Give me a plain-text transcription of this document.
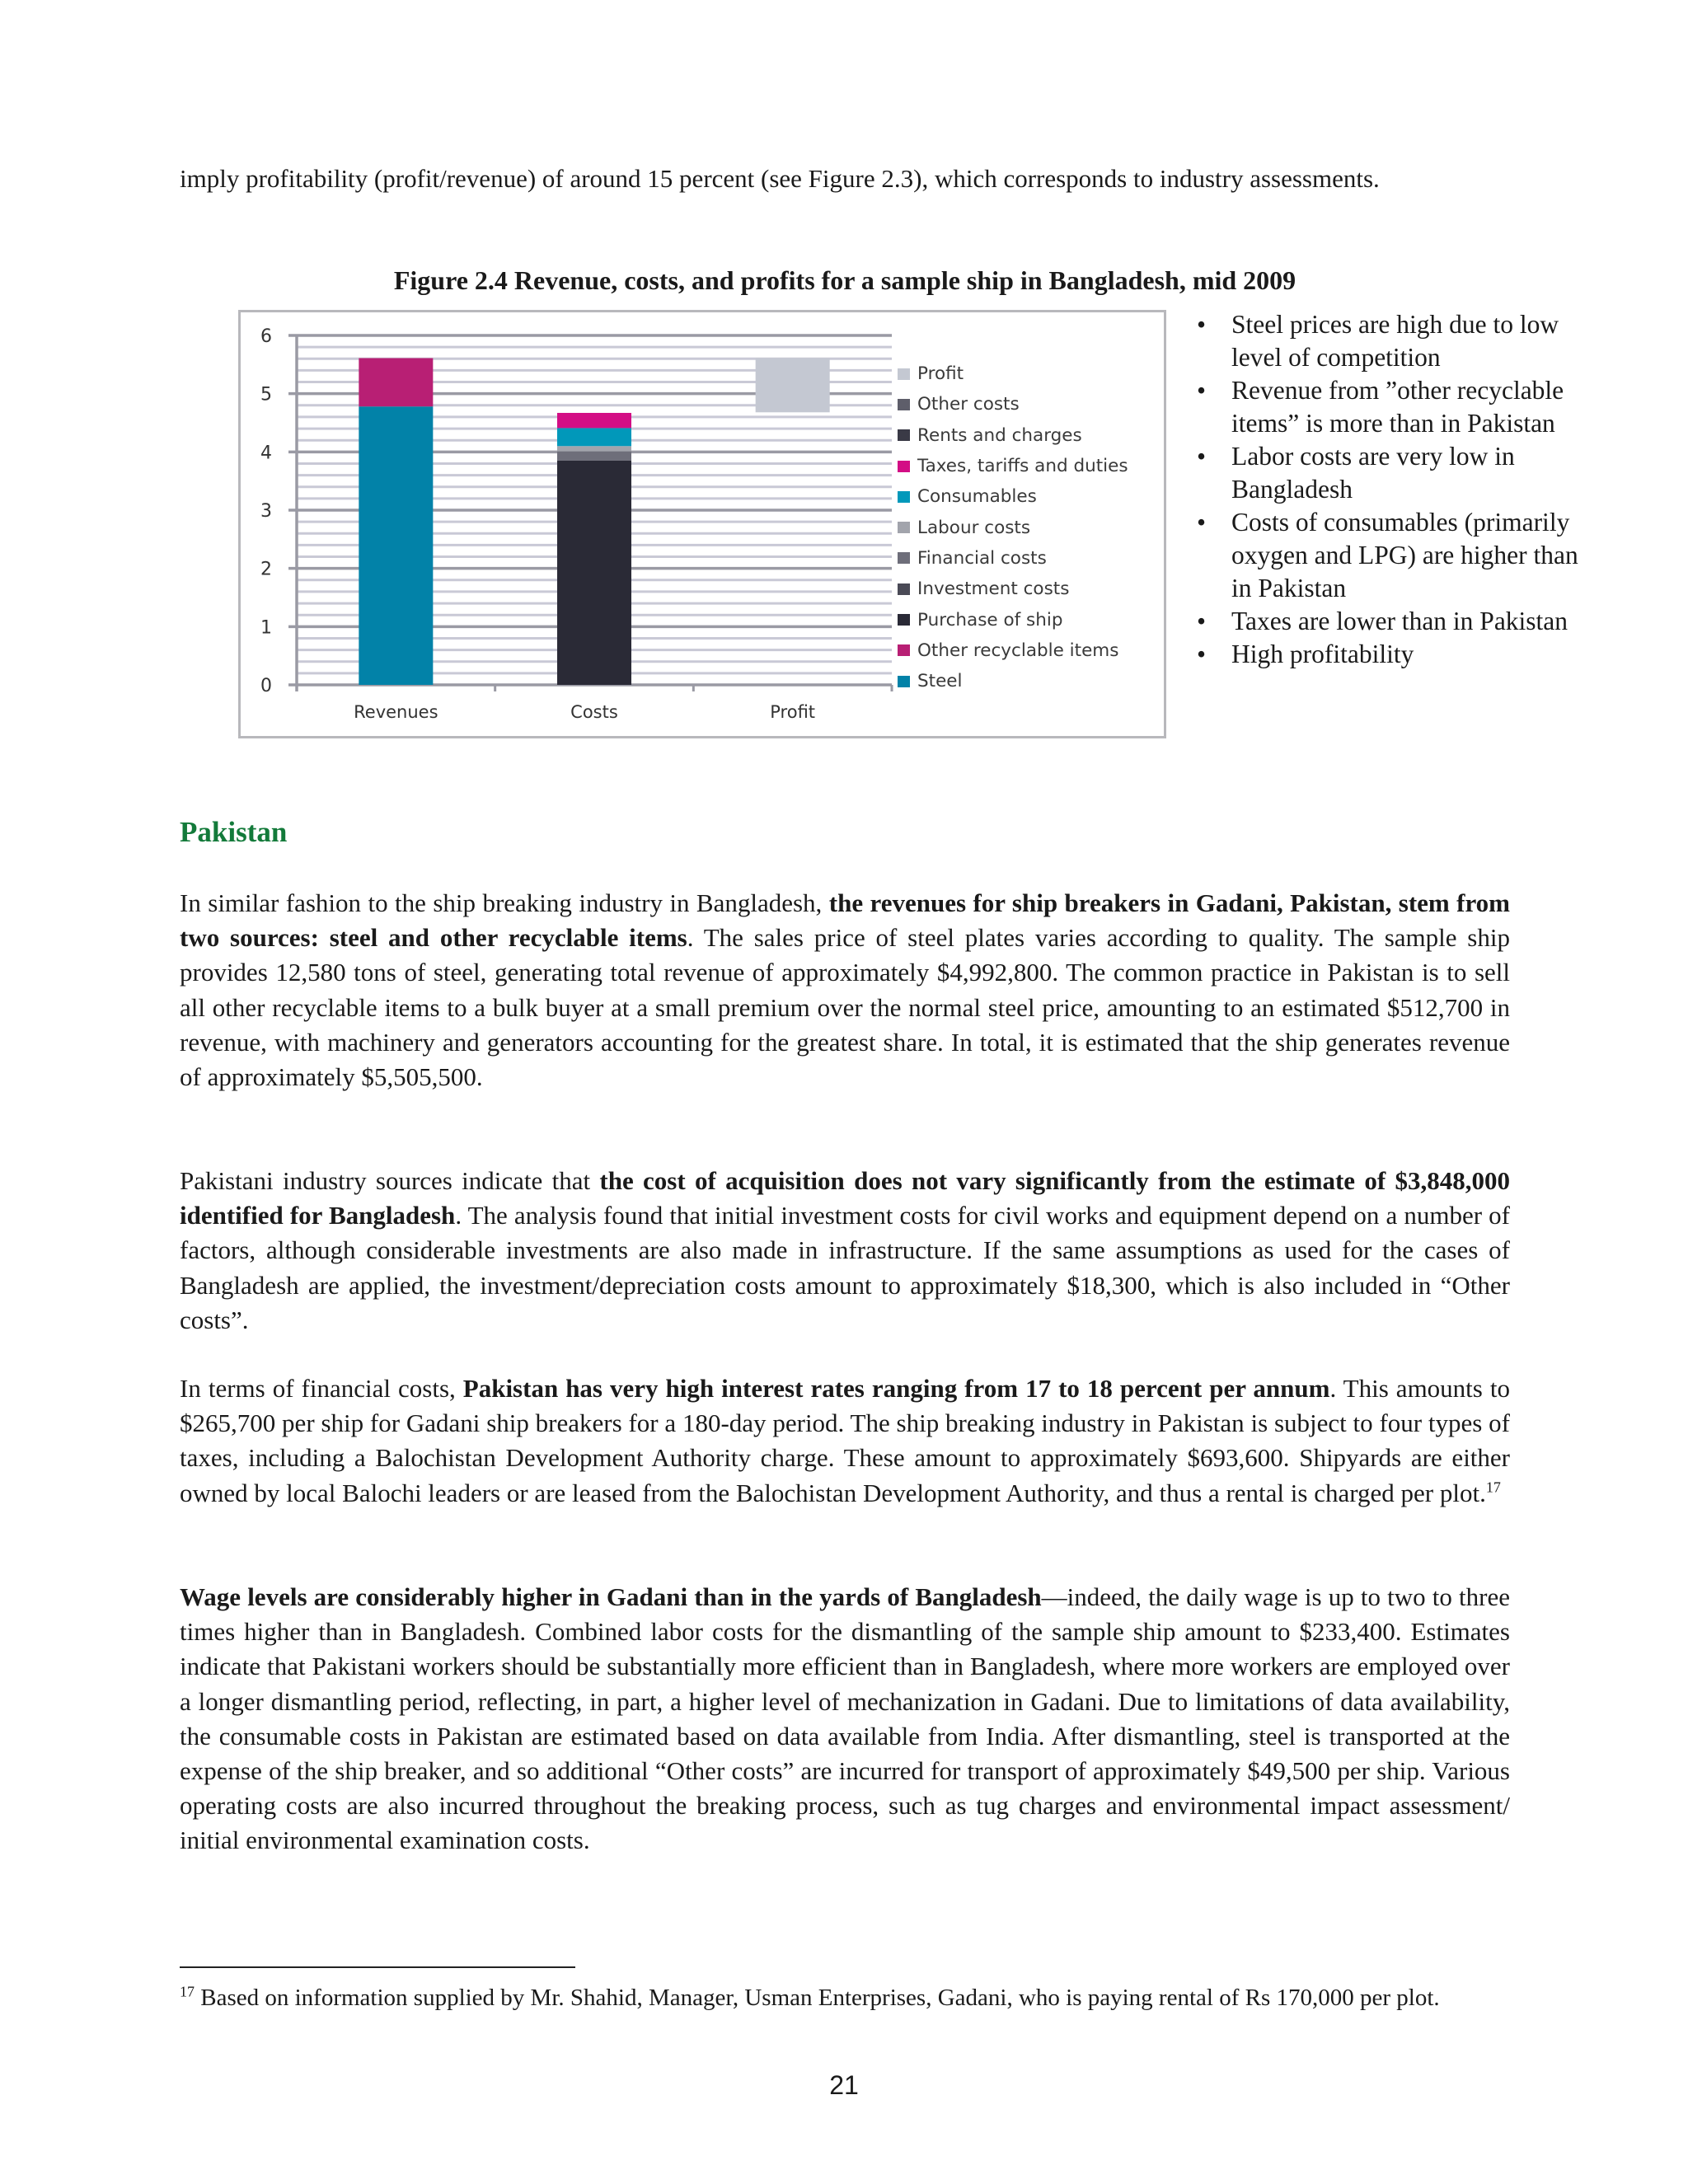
imply profitability (profit/revenue) of around 15 percent (see Figure 2.3), which corresponds to industry assessments.

Figure 2.4 Revenue, costs, and profits for a sample ship in Bangladesh, mid 2009
0
1
2
3
4
5
6
Revenues	Costs	Profit
Profit
Other costs
Rents and charges
Taxes, tariffs and duties
Consumables
Labour costs
Financial costs
Investment costs
Purchase of ship
Other recyclable items
Steel
• Steel prices are high due to low level of competition
• Revenue from ”other recyclable items” is more than in Pakistan
• Labor costs are very low in Bangladesh
• Costs of consumables (primarily oxygen and LPG) are higher than in Pakistan
• Taxes are lower than in Pakistan
• High profitability
Pakistan

In similar fashion to the ship breaking industry in Bangladesh, the revenues for ship breakers in Gadani, Pakistan, stem from two sources: steel and other recyclable items. The sales price of steel plates varies according to quality. The sample ship provides 12,580 tons of steel, generating total revenue of approximately $4,992,800. The common practice in Pakistan is to sell all other recyclable items to a bulk buyer at a small premium over the normal steel price, amounting to an estimated $512,700 in revenue, with machinery and generators accounting for the greatest share. In total, it is estimated that the ship generates revenue of approximately $5,505,500.

Pakistani industry sources indicate that the cost of acquisition does not vary significantly from the estimate of $3,848,000 identified for Bangladesh. The analysis found that initial investment costs for civil works and equipment depend on a number of factors, although considerable investments are also made in infrastructure. If the same assumptions as used for the cases of Bangladesh are applied, the investment/depreciation costs amount to approximately $18,300, which is also included in “Other costs”.

In terms of financial costs, Pakistan has very high interest rates ranging from 17 to 18 percent per annum. This amounts to $265,700 per ship for Gadani ship breakers for a 180-day period. The ship breaking industry in Pakistan is subject to four types of taxes, including a Balochistan Development Authority charge. These amount to approximately $693,600. Shipyards are either owned by local Balochi leaders or are leased from the Balochistan Development Authority, and thus a rental is charged per plot.$^{17}$

Wage levels are considerably higher in Gadani than in the yards of Bangladesh—indeed, the daily wage is up to two to three times higher than in Bangladesh. Combined labor costs for the dismantling of the sample ship amount to $233,400. Estimates indicate that Pakistani workers should be substantially more efficient than in Bangladesh, where more workers are employed over a longer dismantling period, reflecting, in part, a higher level of mechanization in Gadani. Due to limitations of data availability, the consumable costs in Pakistan are estimated based on data available from India. After dismantling, steel is transported at the expense of the ship breaker, and so additional “Other costs” are incurred for transport of approximately $49,500 per ship. Various operating costs are also incurred throughout the breaking process, such as tug charges and environmental impact assessment/ initial environmental examination costs.

$^{17}$ Based on information supplied by Mr. Shahid, Manager, Usman Enterprises, Gadani, who is paying rental of Rs 170,000 per plot.

21
